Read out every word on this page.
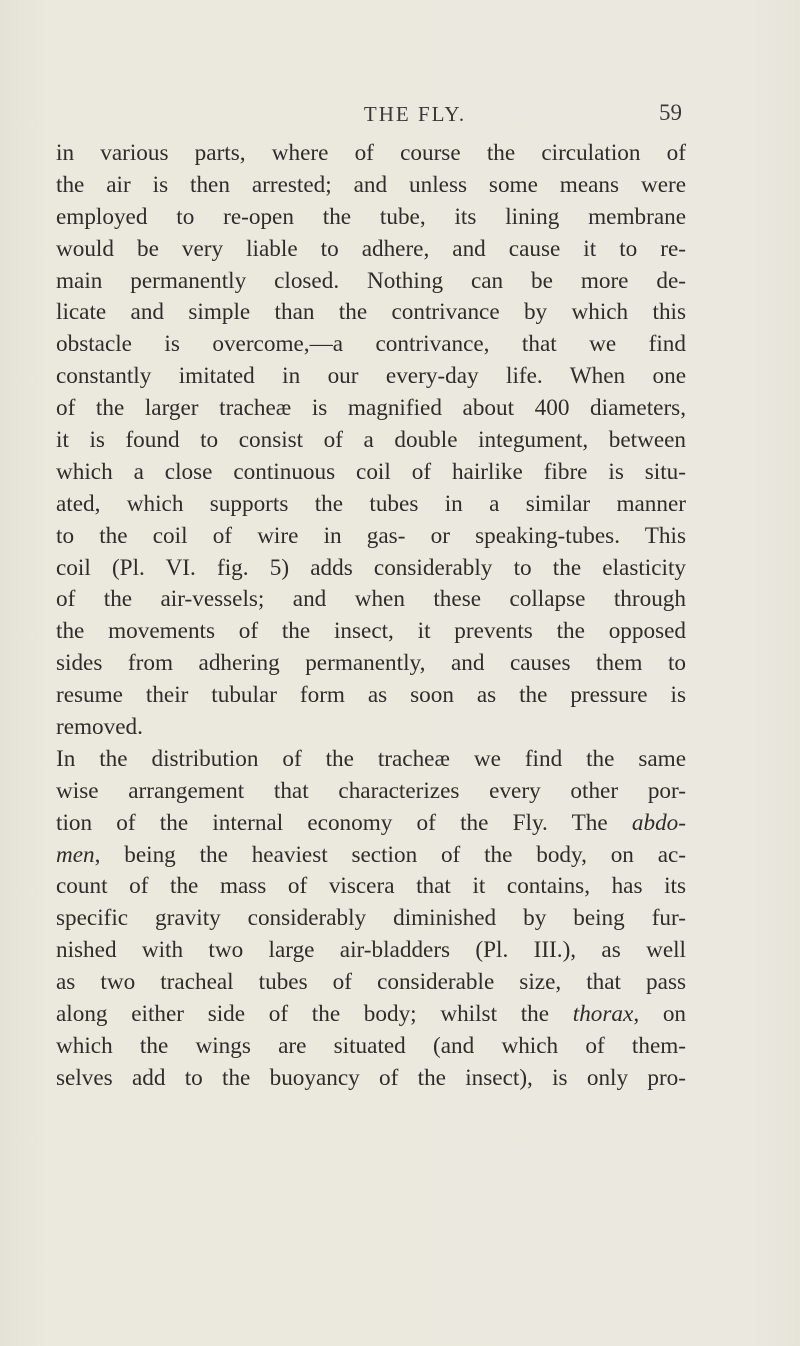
THE FLY.	59
in various parts, where of course the circulation of
the air is then arrested; and unless some means were
employed to re-open the tube, its lining membrane
would be very liable to adhere, and cause it to re-
main permanently closed. Nothing can be more de-
licate and simple than the contrivance by which this
obstacle is overcome,—a contrivance, that we find
constantly imitated in our every-day life. When one
of the larger tracheæ is magnified about 400 diameters,
it is found to consist of a double integument, between
which a close continuous coil of hairlike fibre is situ-
ated, which supports the tubes in a similar manner
to the coil of wire in gas- or speaking-tubes. This
coil (Pl. VI. fig. 5) adds considerably to the elasticity
of the air-vessels; and when these collapse through
the movements of the insect, it prevents the opposed
sides from adhering permanently, and causes them to
resume their tubular form as soon as the pressure is
removed.
In the distribution of the tracheæ we find the same
wise arrangement that characterizes every other por-
tion of the internal economy of the Fly. The abdo-
men, being the heaviest section of the body, on ac-
count of the mass of viscera that it contains, has its
specific gravity considerably diminished by being fur-
nished with two large air-bladders (Pl. III.), as well
as two tracheal tubes of considerable size, that pass
along either side of the body; whilst the thorax, on
which the wings are situated (and which of them-
selves add to the buoyancy of the insect), is only pro-
